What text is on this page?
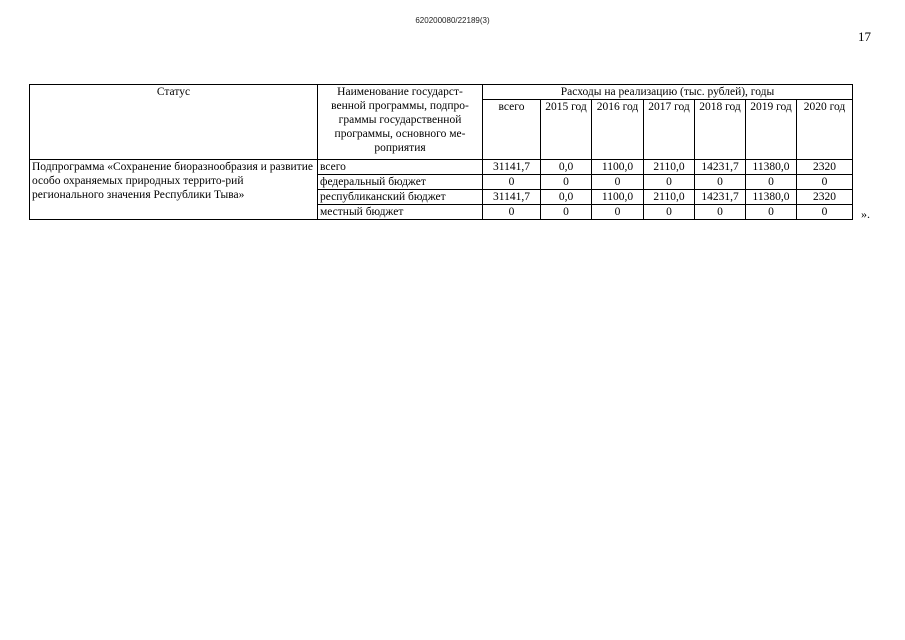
620200080/22189(3)
17
Статус	Наименование государст-венной программы, подпро-граммы государственной программы, основного ме-роприятия	Расходы на реализацию (тыс. рублей), годы						
		всего	2015 год	2016 год	2017 год	2018 год	2019 год	2020 год
Подпрограмма «Сохранение биоразнообразия и развитие особо охраняемых природных террито-рий регионального значения Республики Тыва»	всего	31141,7	0,0	1100,0	2110,0	14231,7	11380,0	2320
	федеральный бюджет	0	0	0	0	0	0	0
	республиканский бюджет	31141,7	0,0	1100,0	2110,0	14231,7	11380,0	2320
	местный бюджет	0	0	0	0	0	0	0	».
